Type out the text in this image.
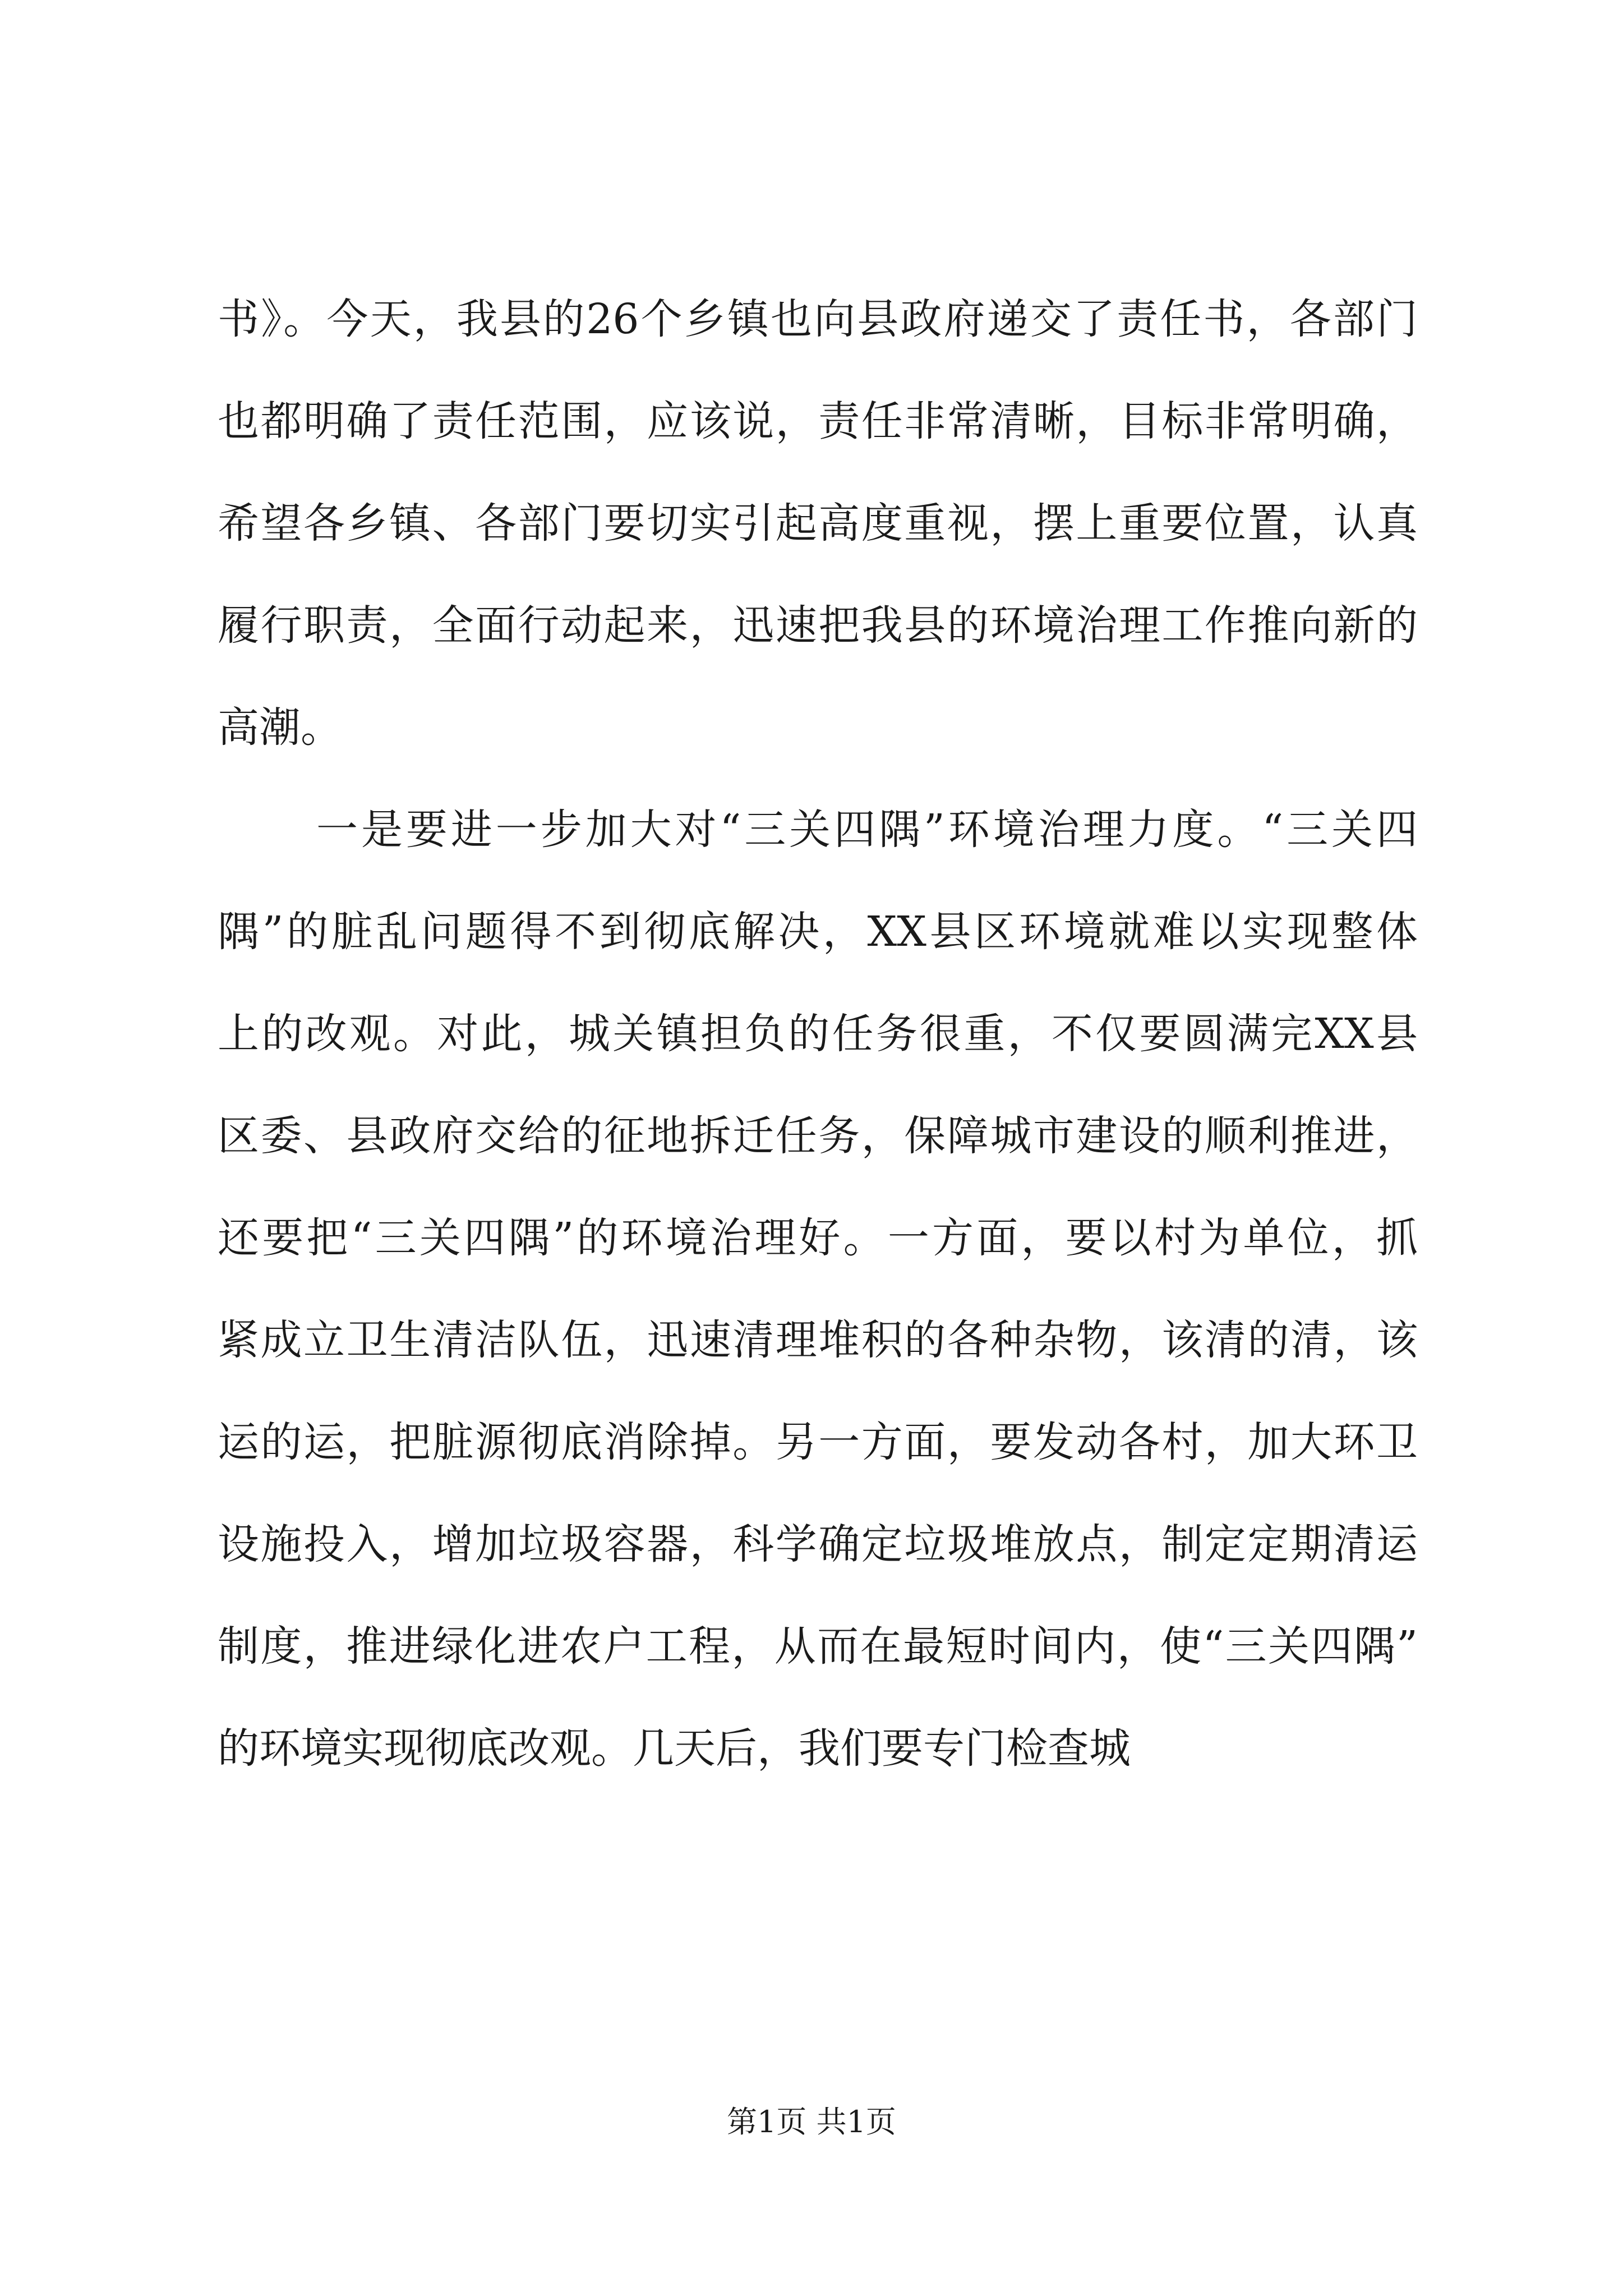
书》。今天，我县的26个乡镇也向县政府递交了责任书，各部门
也都明确了责任范围，应该说，责任非常清晰，目标非常明确，
希望各乡镇、各部门要切实引起高度重视，摆上重要位置，认真
履行职责，全面行动起来，迅速把我县的环境治理工作推向新的
高潮。
一是要进一步加大对“三关四隅”环境治理力度。“三关四
隅”的脏乱问题得不到彻底解决，XX县区环境就难以实现整体
上的改观。对此，城关镇担负的任务很重，不仅要圆满完XX县
区委、县政府交给的征地拆迁任务，保障城市建设的顺利推进，
还要把“三关四隅”的环境治理好。一方面，要以村为单位，抓
紧成立卫生清洁队伍，迅速清理堆积的各种杂物，该清的清，该
运的运，把脏源彻底消除掉。另一方面，要发动各村，加大环卫
设施投入，增加垃圾容器，科学确定垃圾堆放点，制定定期清运
制度，推进绿化进农户工程，从而在最短时间内，使“三关四隅”
的环境实现彻底改观。几天后，我们要专门检查城
第1页 共1页
